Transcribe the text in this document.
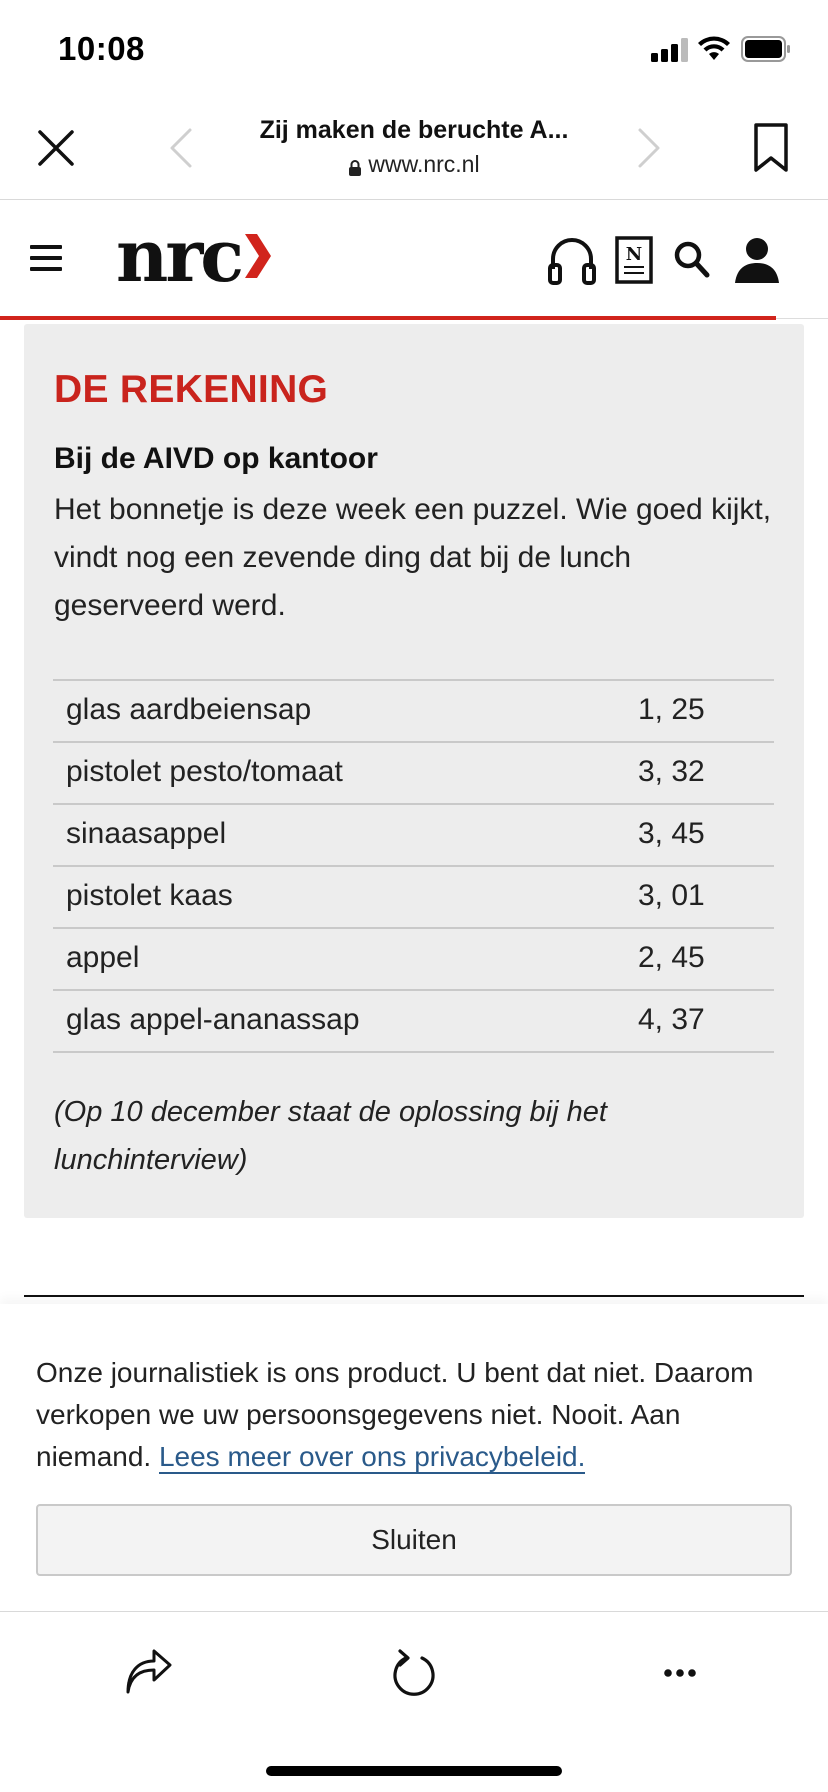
10:08
Zij maken de beruchte A...
www.nrc.nl
nrc	N
DE REKENING
Bij de AIVD op kantoor
Het bonnetje is deze week een puzzel. Wie goed kijkt, vindt nog een zevende ding dat bij de lunch geserveerd werd.
glas aardbeiensap	1, 25
pistolet pesto/tomaat	3, 32
sinaasappel	3, 45
pistolet kaas	3, 01
appel	2, 45
glas appel-ananassap	4, 37
(Op 10 december staat de oplossing bij het lunchinterview)
Onze journalistiek is ons product. U bent dat niet. Daarom verkopen we uw persoonsgegevens niet. Nooit. Aan niemand. Lees meer over ons privacybeleid.
Sluiten
